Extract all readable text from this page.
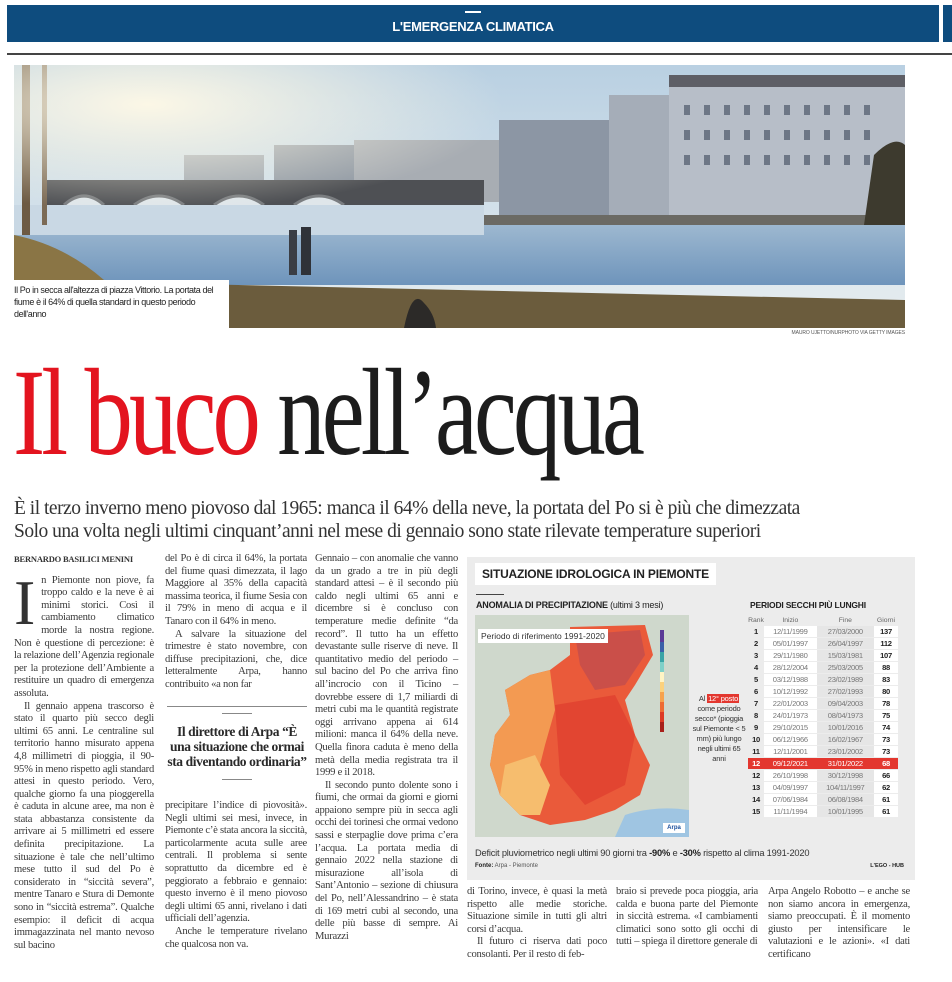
L'EMERGENZA CLIMATICA
Il Po in secca all'altezza di piazza Vittorio. La portata del fiume è il 64% di quella standard in questo periodo dell'anno
MAURO UJETTO/NURPHOTO VIA GETTY IMAGES
Il buco nell’acqua
È il terzo inverno meno piovoso dal 1965: manca il 64% della neve, la portata del Po si è più che dimezzata
Solo una volta negli ultimi cinquant’anni nel mese di gennaio sono state rilevate temperature superiori
BERNARDO BASILICI MENINI

In Piemonte non piove, fa troppo caldo e la neve è ai minimi storici. Così il cambiamento climatico morde la nostra regione. Non è questione di percezione: è la relazione dell’Agenzia regionale per la protezione dell’Ambiente a restituire un quadro di emergenza assoluta.

Il gennaio appena trascorso è stato il quarto più secco degli ultimi 65 anni. Le centraline sul territorio hanno misurato appena 4,8 millimetri di pioggia, il 90-95% in meno rispetto agli standard attesi in questo periodo. Vero, qualche giorno fa una pioggerella è caduta in alcune aree, ma non è stata abbastanza consistente da arrivare ai 5 millimetri ed essere definita precipitazione. La situazione è tale che nell’ultimo mese tutto il sud del Po è considerato in “siccità severa”, mentre Tanaro e Stura di Demonte sono in “siccità estrema”. Qualche esempio: il deficit di acqua immagazzinata nel manto nevoso sul bacino

del Po è di circa il 64%, la portata del fiume quasi dimezzata, il lago Maggiore al 35% della capacità massima teorica, il fiume Sesia con il 79% in meno di acqua e il Tanaro con il 64% in meno.

A salvare la situazione del trimestre è stato novembre, con diffuse precipitazioni, che, dice letteralmente Arpa, hanno contribuito «a non far

Il direttore di Arpa “È una situazione che ormai sta diventando ordinaria”

precipitare l’indice di piovosità». Negli ultimi sei mesi, invece, in Piemonte c’è stata ancora la siccità, particolarmente acuta sulle aree centrali. Il problema si sente soprattutto da dicembre ed è peggiorato a febbraio e gennaio: questo inverno è il meno piovoso degli ultimi 65 anni, rivelano i dati ufficiali dell’agenzia.

Anche le temperature rivelano che qualcosa non va.

Gennaio – con anomalie che vanno da un grado a tre in più degli standard attesi – è il secondo più caldo negli ultimi 65 anni e dicembre si è concluso con temperature medie definite “da record”. Il tutto ha un effetto devastante sulle riserve di neve. Il quantitativo medio del periodo – sul bacino del Po che arriva fino all’incrocio con il Ticino – dovrebbe essere di 1,7 miliardi di metri cubi ma le quantità registrate oggi arrivano appena ai 614 milioni: manca il 64% della neve. Quella finora caduta è meno della metà della media registrata tra il 1999 e il 2018.

Il secondo punto dolente sono i fiumi, che ormai da giorni e giorni appaiono sempre più in secca agli occhi dei torinesi che ormai vedono sassi e sterpaglie dove prima c’era l’acqua. La portata media di gennaio 2022 nella stazione di misurazione all’isola di Sant’Antonio – sezione di chiusura del Po, nell’Alessandrino – è stata di 169 metri cubi al secondo, una delle più basse di sempre. Ai Murazzi

SITUAZIONE IDROLOGICA IN PIEMONTE
ANOMALIA DI PRECIPITAZIONE (ultimi 3 mesi)
Periodo di riferimento 1991-2020
Arpa
Al 12° posto come periodo secco* (pioggia sul Piemonte < 5 mm) più lungo negli ultimi 65 anni
PERIODI SECCHI PIÙ LUNGHI
Rank	Inizio	Fine	Giorni
1	12/11/1999	27/03/2000	137
2	05/01/1997	26/04/1997	112
3	29/11/1980	15/03/1981	107
4	28/12/2004	25/03/2005	88
5	03/12/1988	23/02/1989	83
6	10/12/1992	27/02/1993	80
7	22/01/2003	09/04/2003	78
8	24/01/1973	08/04/1973	75
9	29/10/2015	10/01/2016	74
10	06/12/1966	16/02/1967	73
11	12/11/2001	23/01/2002	73
12	09/12/2021	31/01/2022	68
12	26/10/1998	30/12/1998	66
13	04/09/1997	104/11/1997	62
14	07/06/1984	06/08/1984	61
15	11/11/1994	10/01/1995	61
Deficit pluviometrico negli ultimi 90 giorni tra -90% e -30% rispetto al clima 1991-2020
Fonte: Arpa - Piemonte	L'EGO - HUB

di Torino, invece, è quasi la metà rispetto alle medie storiche. Situazione simile in tutti gli altri corsi d’acqua.

Il futuro ci riserva dati poco consolanti. Per il resto di feb-

braio si prevede poca pioggia, aria calda e buona parte del Piemonte in siccità estrema. «I cambiamenti climatici sono sotto gli occhi di tutti – spiega il direttore generale di

Arpa Angelo Robotto – e anche se non siamo ancora in emergenza, siamo preoccupati. È il momento giusto per intensificare le valutazioni e le azioni». «I dati certificano
